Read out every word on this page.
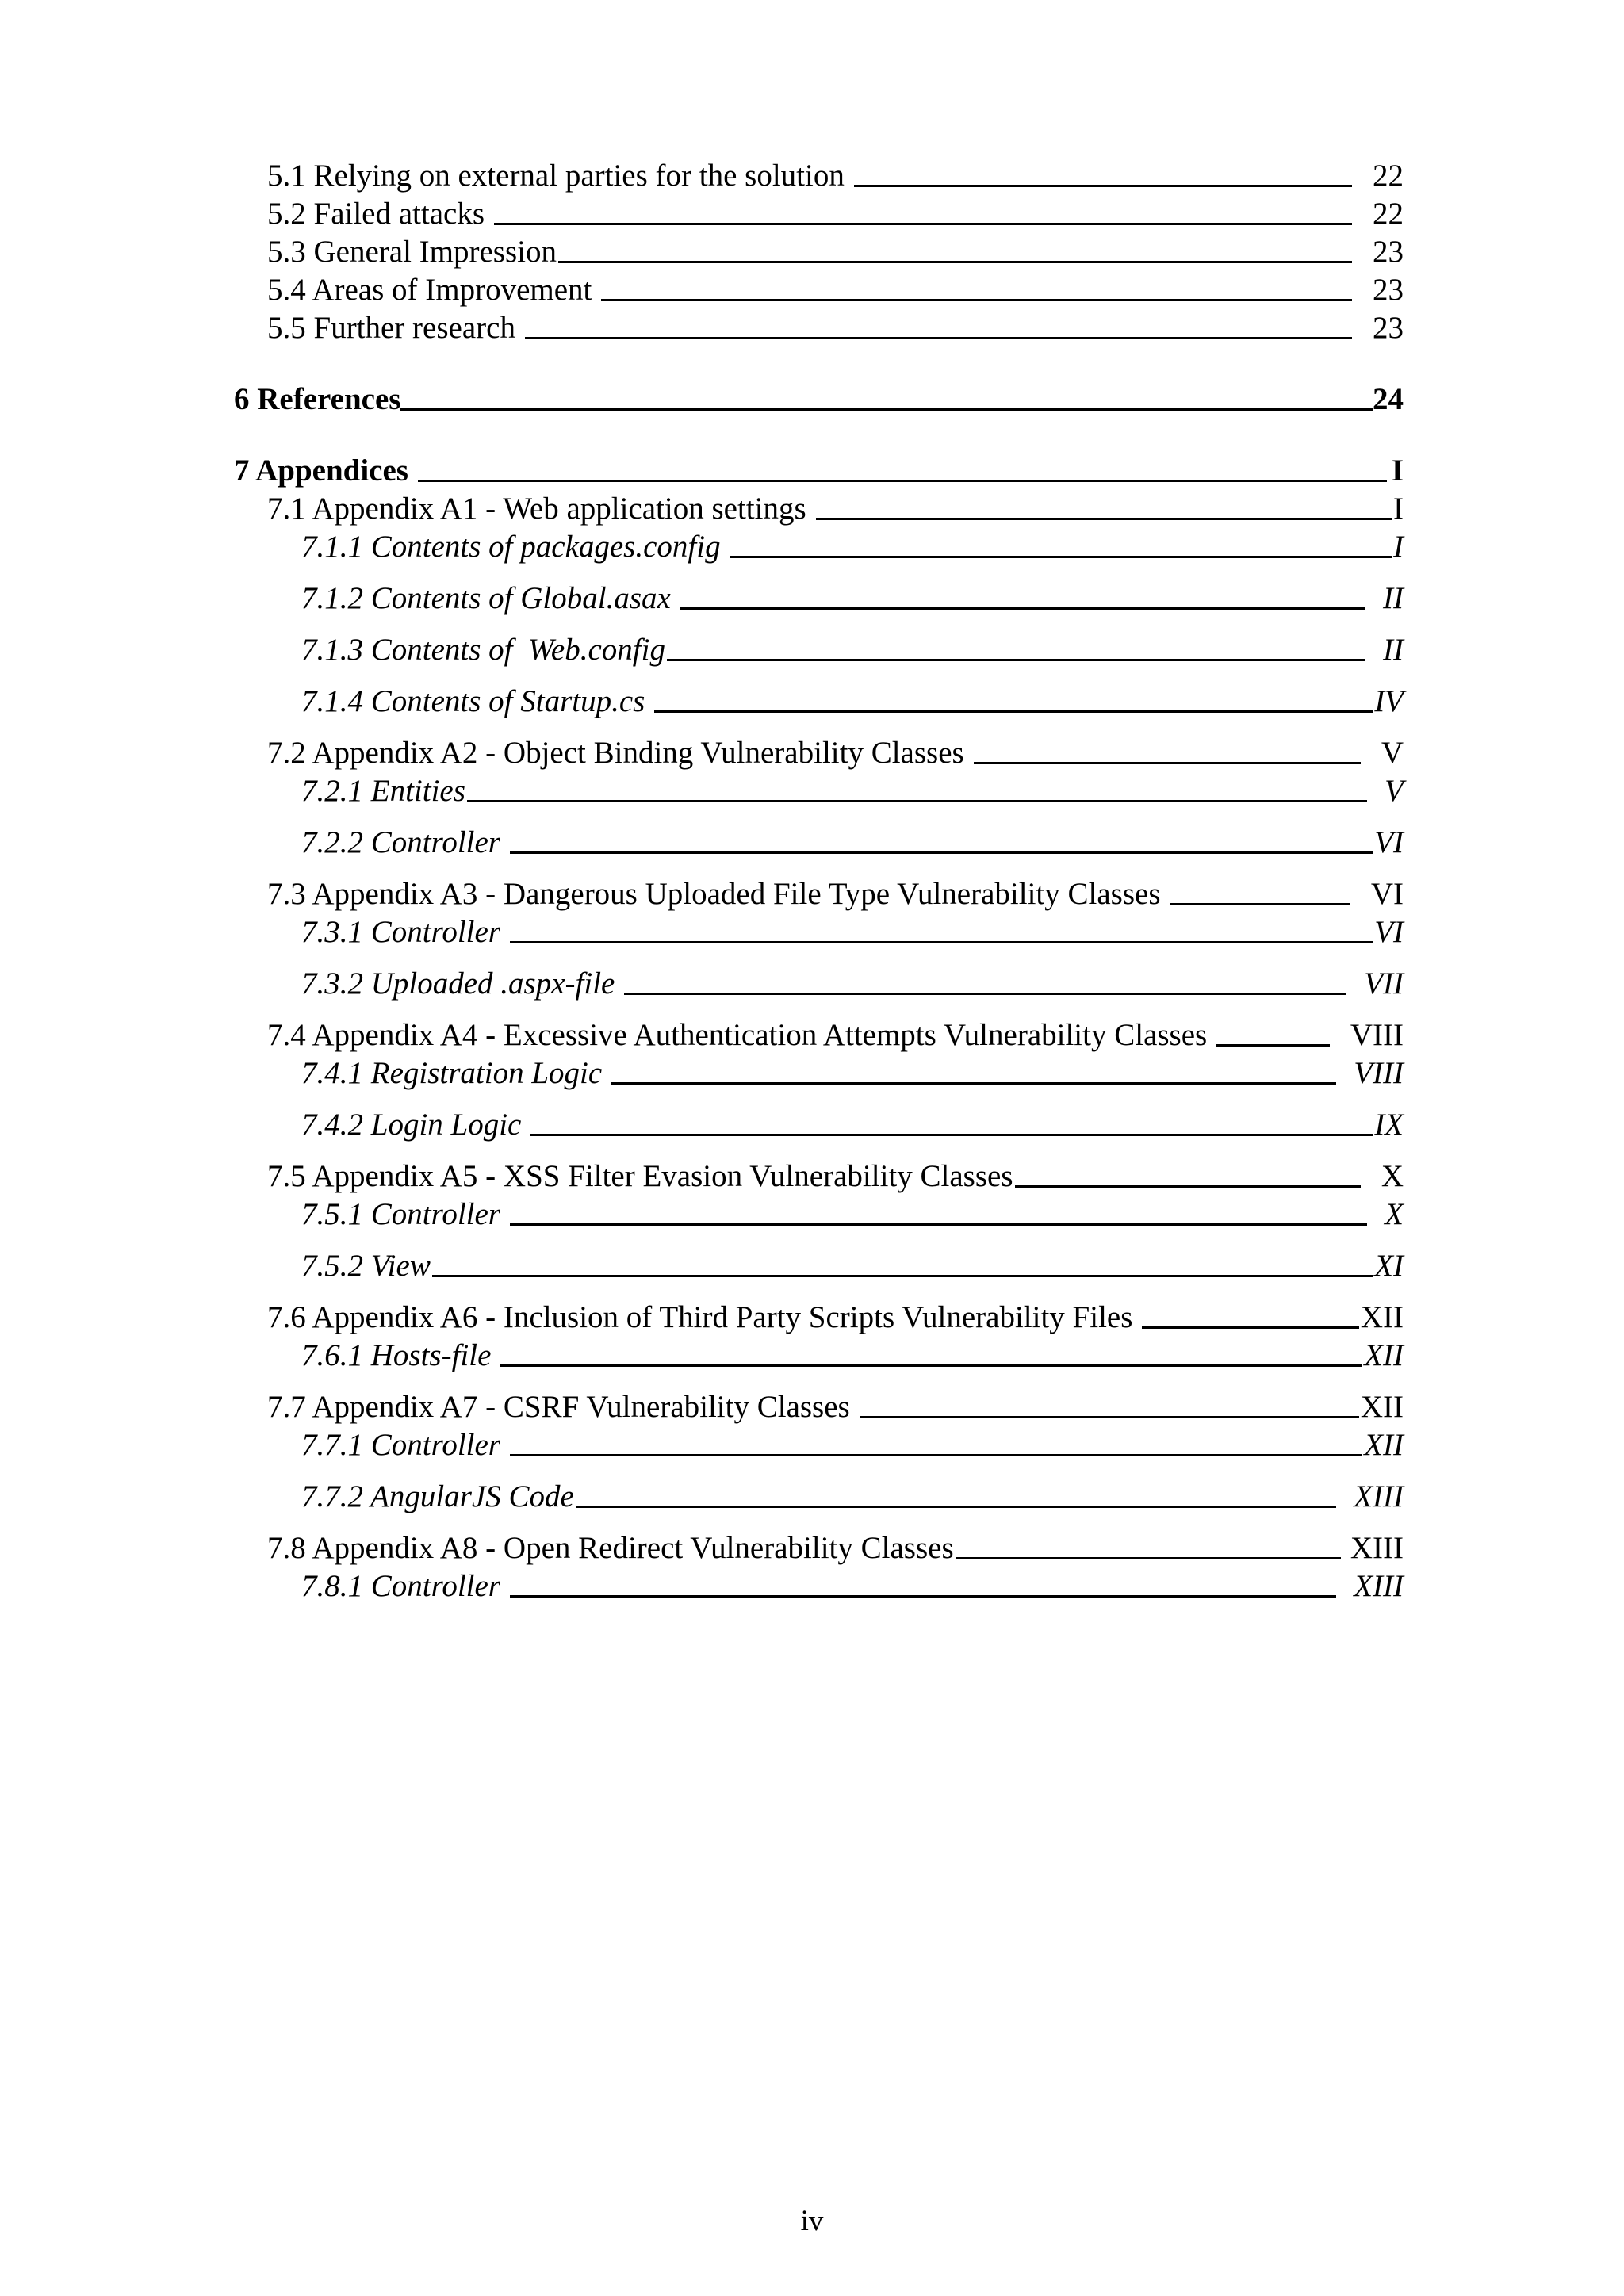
5.1 Relying on external parties for the solution	22
5.2 Failed attacks	22
5.3 General Impression	23
5.4 Areas of Improvement	23
5.5 Further research	23
6 References	24
7 Appendices	I
7.1 Appendix A1 - Web application settings	I
7.1.1 Contents of packages.config	I
7.1.2 Contents of Global.asax	II
7.1.3 Contents of  Web.config	II
7.1.4 Contents of Startup.cs	IV
7.2 Appendix A2 - Object Binding Vulnerability Classes	V
7.2.1 Entities	V
7.2.2 Controller	VI
7.3 Appendix A3 - Dangerous Uploaded File Type Vulnerability Classes	VI
7.3.1 Controller	VI
7.3.2 Uploaded .aspx-file	VII
7.4 Appendix A4 - Excessive Authentication Attempts Vulnerability Classes	VIII
7.4.1 Registration Logic	VIII
7.4.2 Login Logic	IX
7.5 Appendix A5 - XSS Filter Evasion Vulnerability Classes	X
7.5.1 Controller	X
7.5.2 View	XI
7.6 Appendix A6 - Inclusion of Third Party Scripts Vulnerability Files	XII
7.6.1 Hosts-file	XII
7.7 Appendix A7 - CSRF Vulnerability Classes	XII
7.7.1 Controller	XII
7.7.2 AngularJS Code	XIII
7.8 Appendix A8 - Open Redirect Vulnerability Classes	XIII
7.8.1 Controller	XIII
iv
